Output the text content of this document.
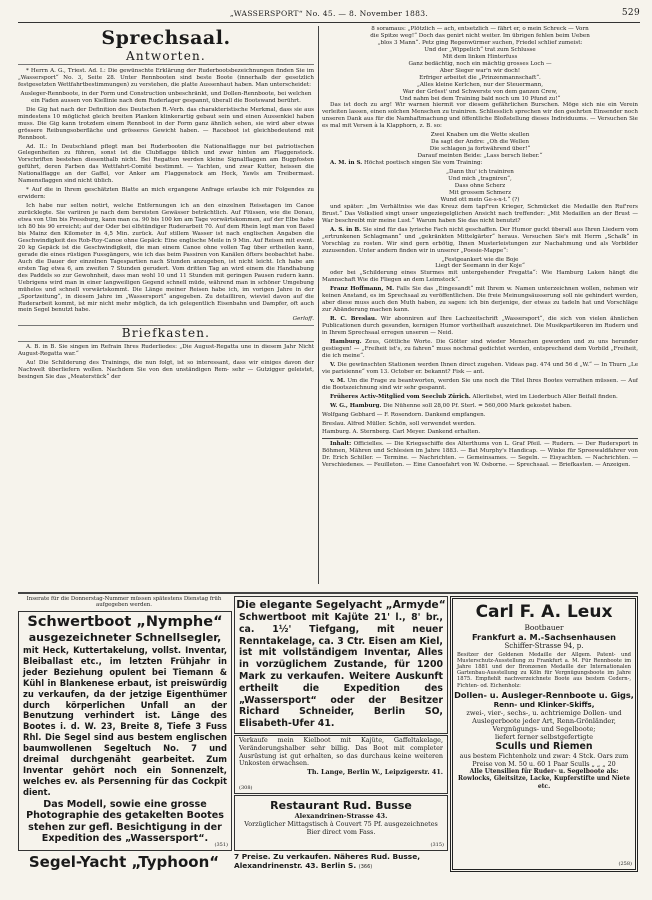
„WASSERSPORT“ No. 45. — 8. November 1883.	529
Sprechsaal.
Antworten.

* Herrn A. G., Triest. Ad. I.: Die gewünschte Erklärung der Ruderbootsbezeichnungen finden Sie im „Wassersport“ No. 3, Seite 28. Unter Rennbooten sind beste Boote (innerhalb der gesetzlich festgesetzten Wettfahrtbestimmungen) zu verstehen, die platte Aussenhaut haben. Man unterscheidet:

Ausleger-Rennboote, in der Form und Construction unbeschränkt, und Dollen-Rennboote, bei welchen ein Faden aussen von Kiellinie nach dem Ruderlager gespannt, überall die Bootswand berührt.

Die Gig hat nach der Definition des Deutschen R.-Verb. das charakteristische Merkmal, dass sie aus mindestens 10 möglichst gleich breiten Planken klinkerartig gebaut sein und einen Aussenkiel haben muss. Die Gig kann trotzdem einem Rennboot in der Form ganz ähnlich sehen, sie wird aber etwas grössere Reibungsoberfläche und grösseres Gewicht haben. — Raceboot ist gleichbedeutend mit Rennboot.

Ad. II.: In Deutschland pflegt man bei Ruderbooten die Nationalflagge nur bei patriotischen Gelegenheiten zu führen, sonst ist die Clubflagge üblich und zwar hinten am Flaggenstock. Vorschriften bestehen diesenthalb nicht. Bei Regatten werden kleine Signalflaggen am Bugpfosten geführt, deren Farben das Wettfahrt-Comité bestimmt. — Yachten, und zwar Kutter, heissen die Nationalflagge an der Gaffel, vor Anker am Flaggenstock am Heck, Yawls am Treibermast. Namensflaggen sind nicht üblich.

* Auf die in Ihrem geschätzten Blatte an mich ergangene Anfrage erlaube ich mir Folgendes zu erwidern:

Ich habe nur selten notirt, welche Entfernungen ich an den einzelnen Reisetagen im Canoe zurücklegte. Sie variiren je nach dem bereisten Gewässer beträchtlich. Auf Flüssen, wie die Donau, etwa von Ulm bis Pressburg, kann man ca. 90 bis 100 km am Tage vorwärtskommen, auf der Elbe habe ich 80 bis 90 erreicht; auf der Oder bei elfstündiger Ruderarbeit 70. Auf dem Rhein legt man von Basel bis Mainz den Kilometer in 4,5 Min. zurück. Auf stillem Wasser ist nach englischen Angaben die Geschwindigkeit des Rob-Roy-Canoe ohne Gepäck: Eine englische Meile in 9 Min. Auf Reisen mit event. 20 kg Gepäck ist die Geschwindigkeit, die man einem Canoe ohne vollen Tag über ertheilen kann, gerade die eines rüstigen Fussgängers, wie ich das beim Passiren von Kanälen öfters beobachtet habe. Auch die Dauer der einzelnen Tagespartien nach Stunden anzugeben, ist nicht leicht. Ich habe am ersten Tag etwa 6, am zweiten 7 Stunden gerudert. Vom dritten Tag an wird einem die Handhabung des Paddels so zur Gewohnheit, dass man wohl 10 und 11 Stunden mit geringen Pausen rudern kann. Uebrigens wird man in einer langweiligen Gegend schnell müde, während man in schöner Umgebung mühelos und schnell vorwärtskommt. Die Länge meiner Reisen habe ich, im vorigen Jahre in der „Sportzeitung“, in diesem Jahre im „Wassersport“ angegeben. Zu detailliren, wieviel davon auf die Ruderarbeit kommt, ist mir nicht mehr möglich, da ich gelegentlich Eisenbahn und Dampfer, oft auch mein Segel benutzt habe.

Gerloff.

Briefkasten.

A. B. in B. Sie singen im Refrain Ihres Ruderliedes: „Die August-Regatta une in diesem Jahr Nicht August-Regatta war.“

Au! Die Schilderung des Trainings, die nun folgt, ist so interessant, dass wir einiges davon der Nachwelt überliefern wollen. Nachdem Sie von den unständigen Rem- sehr — Gutzigger geleistet, besingen Sie das „Meaterstück“ der

8 soramaus: „Plötzlich — ach, entsetzlich — fährt er, o mein Schreck — Vorn
die Spitze weg!“ Doch das genirt nicht weiter. Im übrigen fehlen beim Ueben
„blos 3 Mann“. Petz ging Regenwürmer suchen, Friedel schlief zumeist:
Und der „Wippelich“ trat zum Schlusse
Mit dem linken Hinterfuss
Ganz bedächtig, noch ein mächtig grosses Loch —
Aber Sieger war'n wir doch!
Erfriger arbeitet die „Prinzenmannschaft“.
„Alles kleine Kerlchen, nur der Steuermann,
War der Grösst' und Schwerste von dem ganzen Crew,
Und nahm bei dem Training bald noch um 10 Pfund zu!“

Das ist doch zu arg! Wir warnen hiermit vor diesem gefährlichen Burschen. Möge sich nie ein Verein verleiten lassen, einen solchen Menschen zu trainiren. Schliesslich sprechen wir den geehrten Einsender noch unseren Dank aus für die Namhaftmachung und öffentliche Bloßstellung dieses Individuums. — Versuchen Sie es mal mit Versen à la Klapphorn, z. B. so:

Zwei Knaben um die Wette skullen
Da sagt der Andre: „Oh die Wellen
Die schlagen ja fortwährend über!“
Darauf meinten Beide: „Lass bersch lieber.“

A. M. in S. Höchst poetisch singen Sie vom Training:

„Dann thu' ich trainiren
Und mich „tragniren“,
Dass ohne Scherz
Mit grossem Schmerz
Wund ott mein Ge-s-x-t.“ (?)

und später: „Im Verhältniss wie das Kreuz dem tapf'ren Krieger, Schmücket die Medaille den Ruf'rers Brust.“ Das Volkslied singt unser ungeziegelglichen Ansicht nach treffender: „Mit Medaillen an der Brust — War beschreibt mir meine Lust.“ Warum haben Sie das nicht benutzt?

A. S. in B. Sie sind für das lyrische Fach nicht geschaffen. Der Humor guckt überall aus Ihren Liedern vom „ertrunkenen Schlagmann“ und „gekränkten Mittelgärter“ heraus. Versuchen Sie's mit Herrn „Schalk“ in Vorschlag zu rosten. Wir sind gern erbötig, Ihnen Musterleistungen zur Nachahmung und als Vorbilder zuzusenden. Unter andern finden wir in unserer „Poesie-Mappe“:

„Festgeankert wie die Boje
Liegt der Seemann in der Koje“

oder bei „Schilderung eines Sturmes mit untergehender Fregatta“: Wie Hamburg Laken hängt die Mannschaft Wie die Fliegen an dem Leimstock“.

Franz Hoffmann, M. Falls Sie das „Eingesandt“ mit Ihrem w. Namen unterzeichnen wollen, nehmen wir keinen Anstand, es im Sprechsaal zu veröffentlichen. Die freie Meinungsäusserung soll nie gehindert werden, aber diese muss auch den Muth haben, zu sagen: ich bin derjenige, der etwas zu tadeln hat und Vorschläge zur Abänderung machen kann.

R. C. Breslau. Wir abonniren auf Ihre Lachzeitschrift „Wassersport“, die sich von vielen ähnlichen Publicationen durch gesunden, kernigen Humor vortheilhaft auszeichnet. Die Musikpartikeren im Rudern und in Ihrem Sprechsaal erregen unseren — Neid.

Hamburg. Zeus, Göttliche Worte. Die Götter sind wieder Menschen geworden und zu uns herunder gestiegen! — „Freiheit ist's, zu fahren“ muss nochmal gedichtet werden, entsprechend dem Vorbild „Freiheit, die ich meine“.

V. Die gewünschten Stationen werden Ihnen direct zugehen. Videas pag. 474 und 56 d „W.“ — In Thurn „Le vie parisienne“ vom 13. October er. bekannt? Fisk — ant.

v. M. Um die Frage zu beantworten, werden Sie uns noch die Titel Ihres Bootes verrathen müssen. — Auf die Bootszeichnung sind wir sehr gespannt.

Früheres Activ-Mitglied vom Seeclub Zürich. Allerliebst, wird im Liederbuch Aller Beifall finden.

W. G., Hamburg. Die Nühenne soll 28,00 Pf. Sterl. = 560,000 Mark gekostet haben.

Wolfgang Gebhard — F. Rosendorn. Dankend empfangen.

Breslau. Alfred Müller. Schön, soll verwendet werden.

Hamburg. A. Sternberg. Carl Meyer. Dankend erhalten.

Inhalt: Officielles. — Die Kriegsschiffe des Alterthums von L. Graf Pfeil. — Rudern. — Der Rudersport in Böhmen, Mähren und Schlesien im Jahre 1883. — Bat Murphy's Handicap. — Winke für Spreewaldfahrer von Dr. Erich Schiller. — Termine. — Nachrichten. — Gemeinsames. — Segeln. — Eisyachten. — Nachrichten. — Verschiedenes. — Feuilleton. — Eine Canoefahrt von W. Osborne. — Sprechsaal. — Briefkasten. — Anzeigen.

Inserate für die Donnerstag-Nummer müssen spätestens Dienstag früh aufgegeben werden.
Schwertboot „Nymphe“
ausgezeichneter Schnellsegler,
mit Heck, Kuttertakelung, vollst. Inventar, Bleiballast etc., im letzten Frühjahr in jeder Beziehung opulent bei Tiemann & Kühl in Blankenese erbaut, ist preiswürdig zu verkaufen, da der jetzige Eigenthümer durch körperlichen Unfall an der Benutzung verhindert ist. Länge des Bootes i. d. W. 23, Breite 8, Tiefe 3 Fuss Rhl. Die Segel sind aus bestem englischen baumwollenen Segeltuch No. 7 und dreimal durchgenäht gearbeitet. Zum Inventar gehört noch ein Sonnenzelt, welches ev. als Persenning für das Cockpit dient.
Das Modell, sowie eine grosse Photographie des getakelten Bootes stehen zur gefl. Besichtigung in der Expedition des „Wassersport“.
(351)
Segel-Yacht „Typhoon“
Die elegante Segelyacht „Armyde“
Schwertboot mit Kajüte 21' l., 8' br., ca. 1½' Tiefgang, mit neuer Renntakelage, ca. 3 Ctr. Eisen am Kiel, ist mit vollständigem Inventar, Alles in vorzüglichem Zustande, für 1200 Mark zu verkaufen. Weitere Auskunft ertheilt die Expedition des „Wassersport“ oder der Besitzer Richard Schneider, Berlin SO, Elisabeth-Ufer 41.
Verkaufe mein Kielboot mit Kajüte, Gaffeltakelage, Veränderungshalber sehr billig. Das Boot mit completer Ausrüstung ist gut erhalten, so das durchaus keine weiteren Unkosten erwachsen.
Th. Lange, Berlin W., Leipzigerstr. 41.
(308)
Restaurant Rud. Busse
Alexandrinen-Strasse 43.
Vorzüglicher Mittagstisch à Couvert 75 Pf. ausgezeichnetes Bier direct vom Fass.
(315)
7 Preise. Zu verkaufen. Näheres Rud. Busse, Alexandrinenstr. 43. Berlin S. (366)
Carl F. A. Leux
Bootbauer
Frankfurt a. M.-Sachsenhausen
Schiffer-Strasse 94, p.
Besitzer der Goldenen Medaille der Allgem. Patent- und Musterschutz-Ausstellung zu Frankfurt a. M. Für Rennboote im Jahre 1881 und der Bronzenen Medaille der Internationalen Gartenbau-Ausstellung zu Köln für Vergnügungsboote im Jahre 1875. Empfiehlt nachverzeichnete Boote aus bestem Cedern-, Fichten- od. Eichenholz:
Dollen- u. Ausleger-Rennboote u. Gigs,
Renn- und Klinker-Skiffs,
zwei-, vier-, sechs-, u. achtriemige Dollen- und Auslegerboote jeder Art, Renn-Grönländer, Vergnügungs- und Segelboote;
liefert ferner selbstgefertigte
Sculls und Riemen
aus bestem Fichtenholz und zwar: 4 Stck. Oars zum Preise von M. 50 u. 60 1 Paar Sculls „ „ „ 20
Alle Utensilien für Ruder- u. Segelboote als: Rowlocks, Gleitsitze, Lacke, Kupferstifte und Niete etc.
(258)
